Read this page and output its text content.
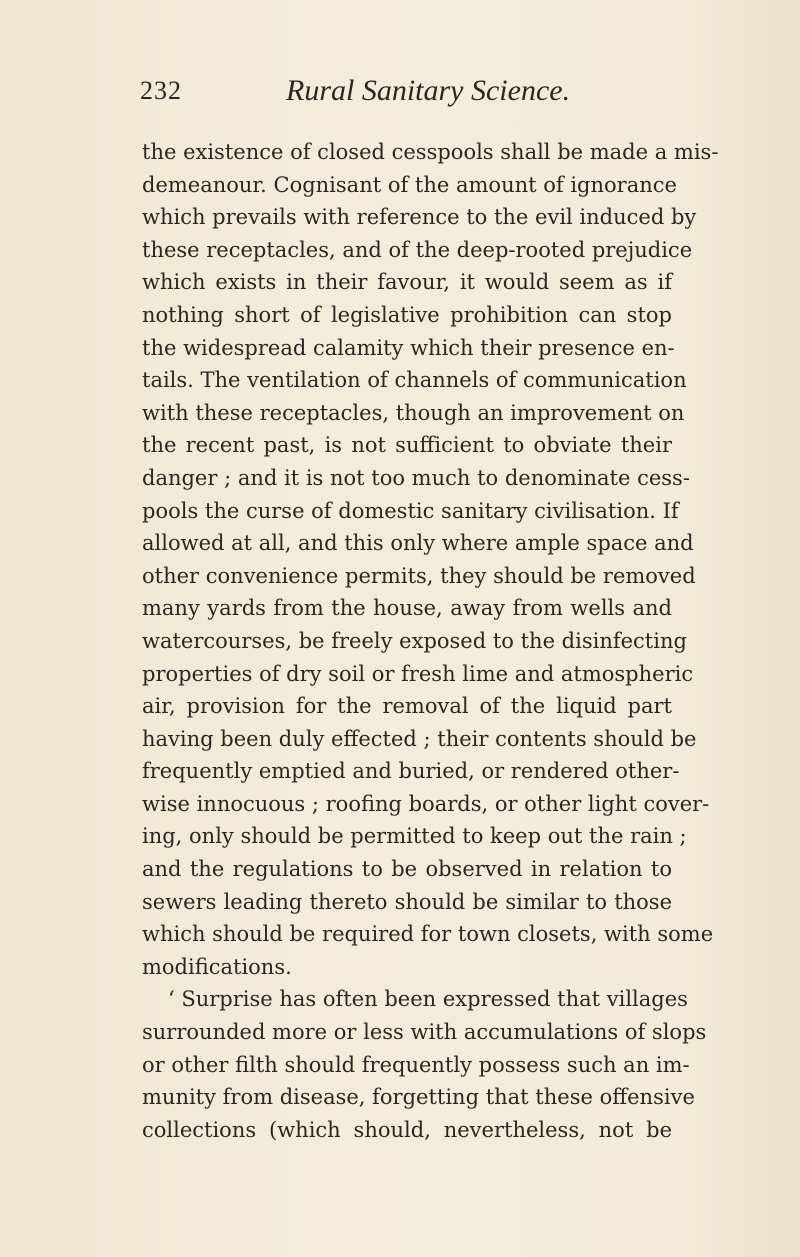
232	Rural Sanitary Science.
the existence of closed cesspools shall be made a mis-
demeanour. Cognisant of the amount of ignorance
which prevails with reference to the evil induced by
these receptacles, and of the deep-rooted prejudice
which exists in their favour, it would seem as if
nothing short of legislative prohibition can stop
the widespread calamity which their presence en-
tails. The ventilation of channels of communication
with these receptacles, though an improvement on
the recent past, is not sufficient to obviate their
danger ; and it is not too much to denominate cess-
pools the curse of domestic sanitary civilisation. If
allowed at all, and this only where ample space and
other convenience permits, they should be removed
many yards from the house, away from wells and
watercourses, be freely exposed to the disinfecting
properties of dry soil or fresh lime and atmospheric
air, provision for the removal of the liquid part
having been duly effected ; their contents should be
frequently emptied and buried, or rendered other-
wise innocuous ; roofing boards, or other light cover-
ing, only should be permitted to keep out the rain ;
and the regulations to be observed in relation to
sewers leading thereto should be similar to those
which should be required for town closets, with some
modifications.
‘ Surprise has often been expressed that villages
surrounded more or less with accumulations of slops
or other filth should frequently possess such an im-
munity from disease, forgetting that these offensive
collections (which should, nevertheless, not be
